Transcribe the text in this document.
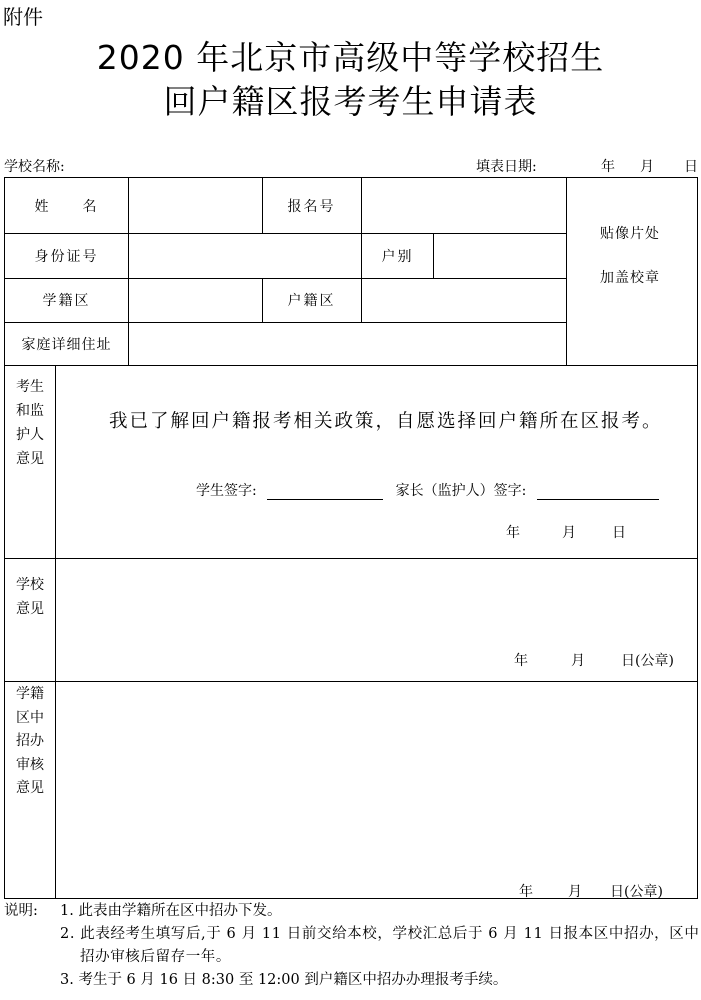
附件
2020 年北京市高级中等学校招生
回户籍区报考考生申请表
学校名称:	填表日期:	年 月 日
姓　　名	报名号
身份证号	户别
学籍区	户籍区
家庭详细住址
贴像片处
加盖校章
考生和监护人意见
我已了解回户籍报考相关政策，自愿选择回户籍所在区报考。
学生签字:	家长（监护人）签字:
年	月	日
学校意见
年	月	日(公章)
学籍区中招办审核意见
年	月 日(公章)
说明: 1. 此表由学籍所在区中招办下发。
2. 此表经考生填写后,于 6 月 11 日前交给本校，学校汇总后于 6 月 11 日报本区中招办，区中招办审核后留存一年。
3. 考生于 6 月 16 日 8:30 至 12:00 到户籍区中招办办理报考手续。
